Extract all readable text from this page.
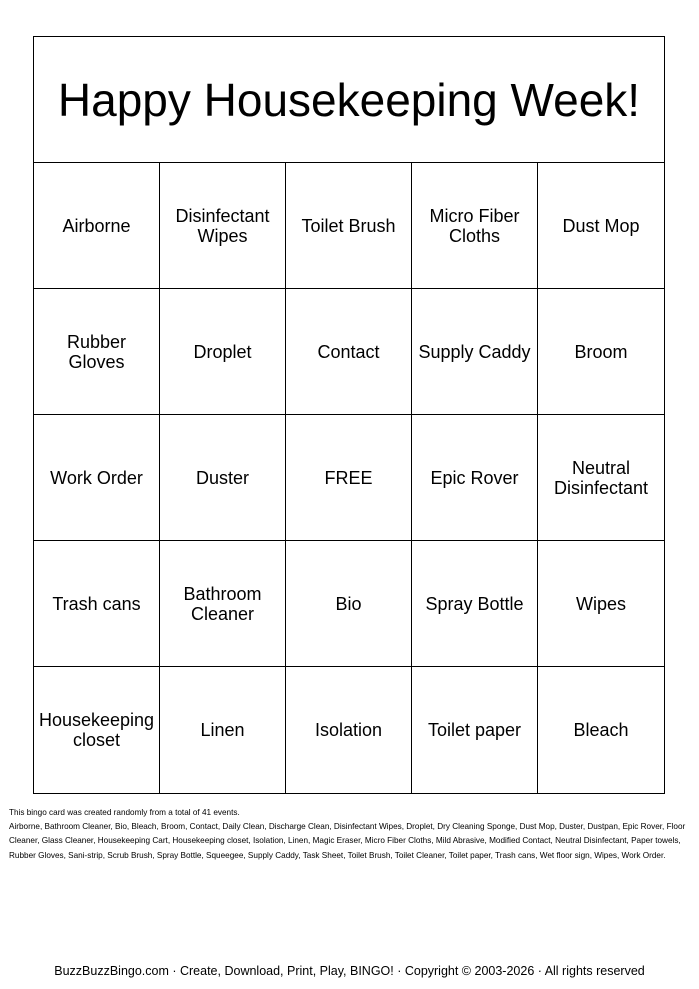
Happy Housekeeping Week!
Airborne	Disinfectant Wipes	Toilet Brush	Micro Fiber Cloths	Dust Mop
Rubber Gloves	Droplet	Contact	Supply Caddy	Broom
Work Order	Duster	FREE	Epic Rover	Neutral Disinfectant
Trash cans	Bathroom Cleaner	Bio	Spray Bottle	Wipes
Housekeeping closet	Linen	Isolation	Toilet paper	Bleach
This bingo card was created randomly from a total of 41 events.
Airborne, Bathroom Cleaner, Bio, Bleach, Broom, Contact, Daily Clean, Discharge Clean, Disinfectant Wipes, Droplet, Dry Cleaning Sponge, Dust Mop, Duster, Dustpan, Epic Rover, Floor Cleaner, Glass Cleaner, Housekeeping Cart, Housekeeping closet, Isolation, Linen, Magic Eraser, Micro Fiber Cloths, Mild Abrasive, Modified Contact, Neutral Disinfectant, Paper towels, Rubber Gloves, Sani-strip, Scrub Brush, Spray Bottle, Squeegee, Supply Caddy, Task Sheet, Toilet Brush, Toilet Cleaner, Toilet paper, Trash cans, Wet floor sign, Wipes, Work Order.
BuzzBuzzBingo.com · Create, Download, Print, Play, BINGO! · Copyright © 2003-2026 · All rights reserved
